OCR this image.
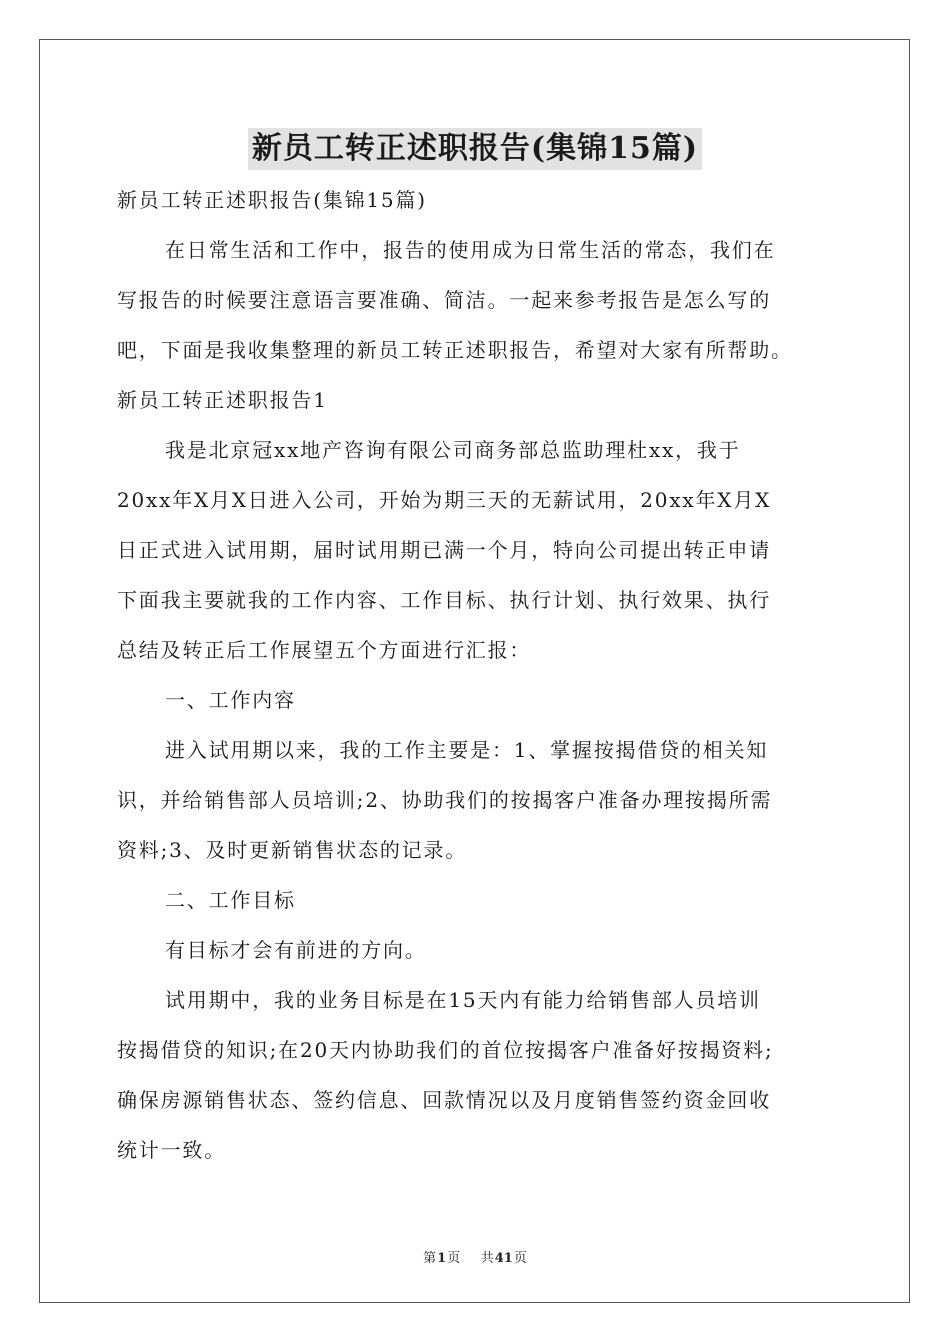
新员工转正述职报告(集锦15篇)
新员工转正述职报告(集锦15篇)
在日常生活和工作中，报告的使用成为日常生活的常态，我们在
写报告的时候要注意语言要准确、简洁。一起来参考报告是怎么写的
吧，下面是我收集整理的新员工转正述职报告，希望对大家有所帮助。
新员工转正述职报告1
我是北京冠xx地产咨询有限公司商务部总监助理杜xx，我于
20xx年X月X日进入公司，开始为期三天的无薪试用，20xx年X月X
日正式进入试用期，届时试用期已满一个月，特向公司提出转正申请
下面我主要就我的工作内容、工作目标、执行计划、执行效果、执行
总结及转正后工作展望五个方面进行汇报：
一、工作内容
进入试用期以来，我的工作主要是：1、掌握按揭借贷的相关知
识，并给销售部人员培训;2、协助我们的按揭客户准备办理按揭所需
资料;3、及时更新销售状态的记录。
二、工作目标
有目标才会有前进的方向。
试用期中，我的业务目标是在15天内有能力给销售部人员培训
按揭借贷的知识;在20天内协助我们的首位按揭客户准备好按揭资料;
确保房源销售状态、签约信息、回款情况以及月度销售签约资金回收
统计一致。
第1页 共41页
